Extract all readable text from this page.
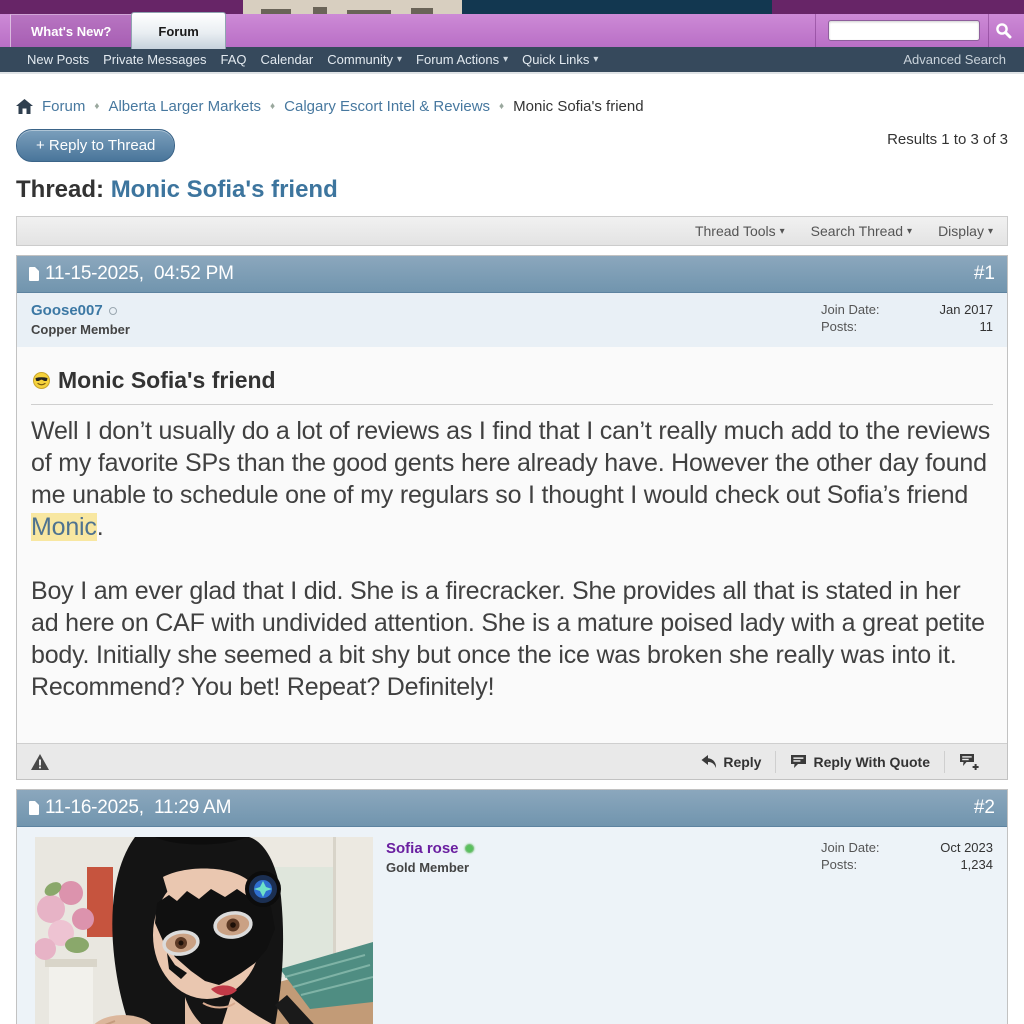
What's New?	Forum
New Posts Private Messages FAQ Calendar Community ▾ Forum Actions ▾ Quick Links ▾	Advanced Search
Forum ♦ Alberta Larger Markets ♦ Calgary Escort Intel & Reviews ♦ Monic Sofia's friend
+ Reply to Thread	Results 1 to 3 of 3
Thread: Monic Sofia's friend
Thread Tools ▾ Search Thread ▾ Display ▾
11-15-2025,  04:52 PM	#1
Goose007
Copper Member
Join Date:	Jan 2017
Posts:	11
Monic Sofia's friend
Well I don’t usually do a lot of reviews as I find that I can’t really much add to the reviews of my favorite SPs than the good gents here already have. However the other day found me unable to schedule one of my regulars so I thought I would check out Sofia’s friend Monic.
Boy I am ever glad that I did. She is a firecracker. She provides all that is stated in her ad here on CAF with undivided attention. She is a mature poised lady with a great petite body. Initially she seemed a bit shy but once the ice was broken she really was into it. Recommend? You bet! Repeat? Definitely!
Reply	Reply With Quote
11-16-2025,  11:29 AM	#2
Sofia rose
Gold Member
Join Date:	Oct 2023
Posts:	1,234
